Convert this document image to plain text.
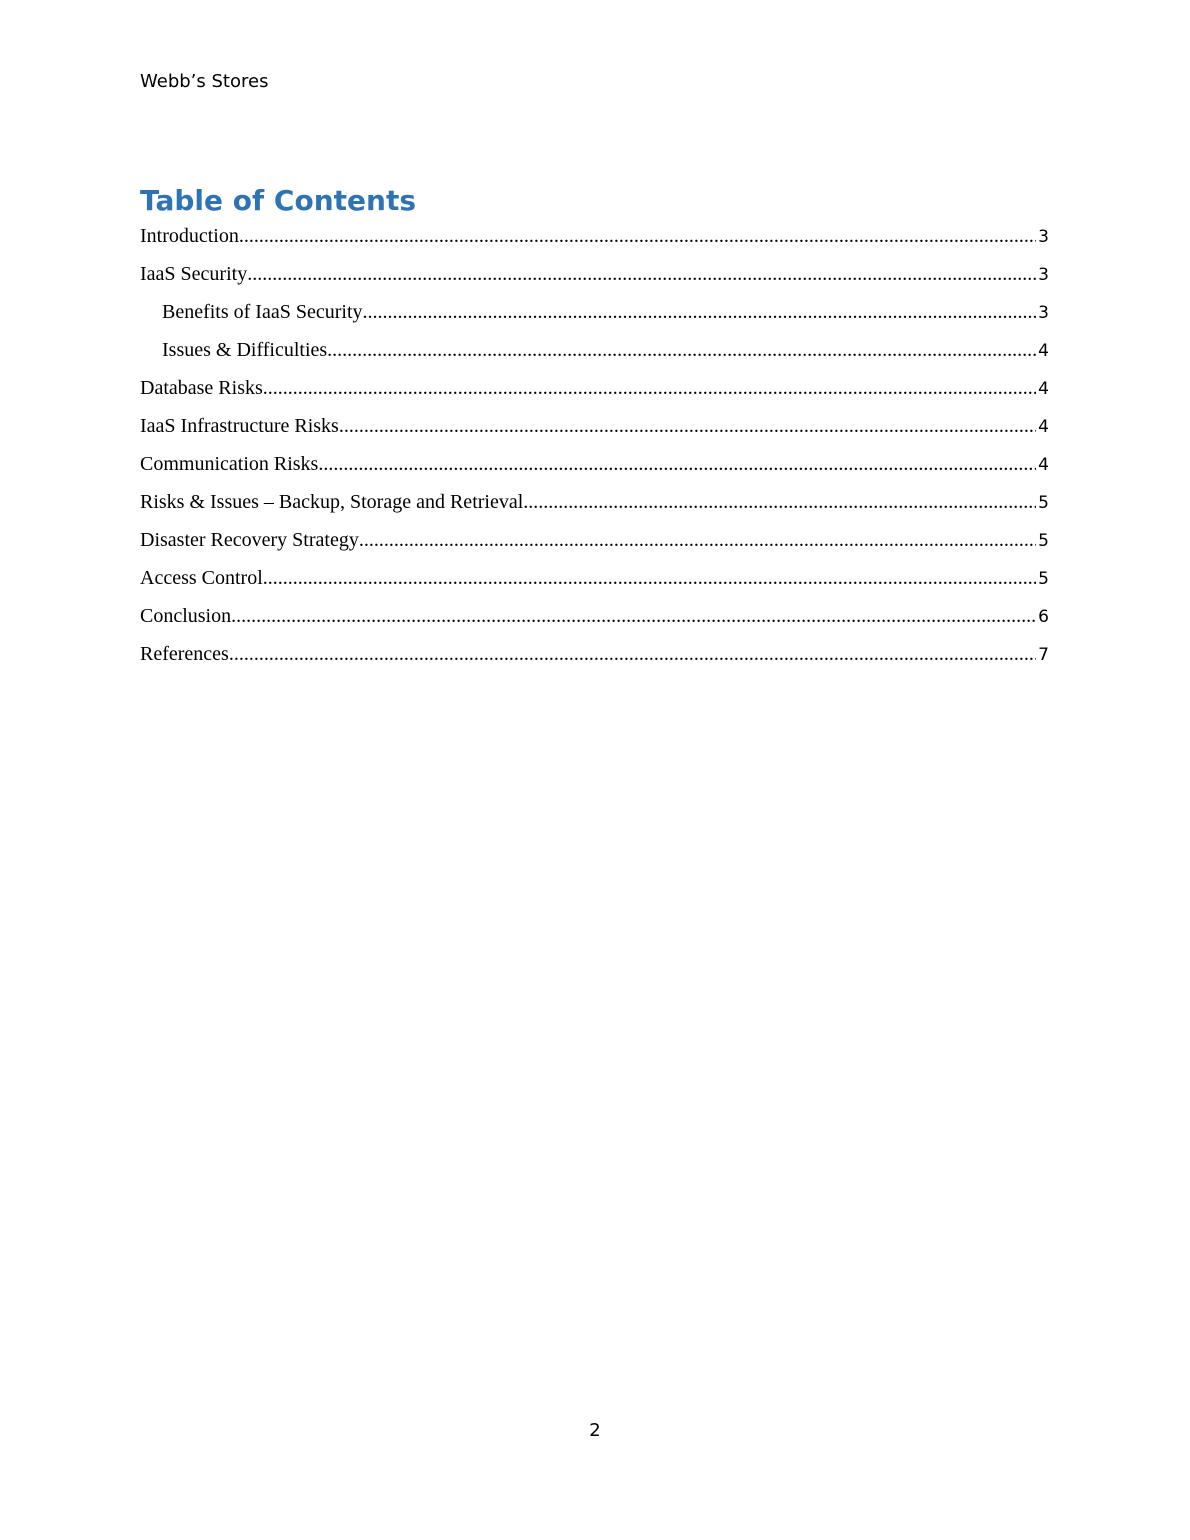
Webb’s Stores
Table of Contents
Introduction .....	3
IaaS Security .....	3
Benefits of IaaS Security .....	3
Issues & Difficulties .....	4
Database Risks .....	4
IaaS Infrastructure Risks .....	4
Communication Risks .....	4
Risks & Issues – Backup, Storage and Retrieval .....	5
Disaster Recovery Strategy .....	5
Access Control .....	5
Conclusion .....	6
References .....	7
2
